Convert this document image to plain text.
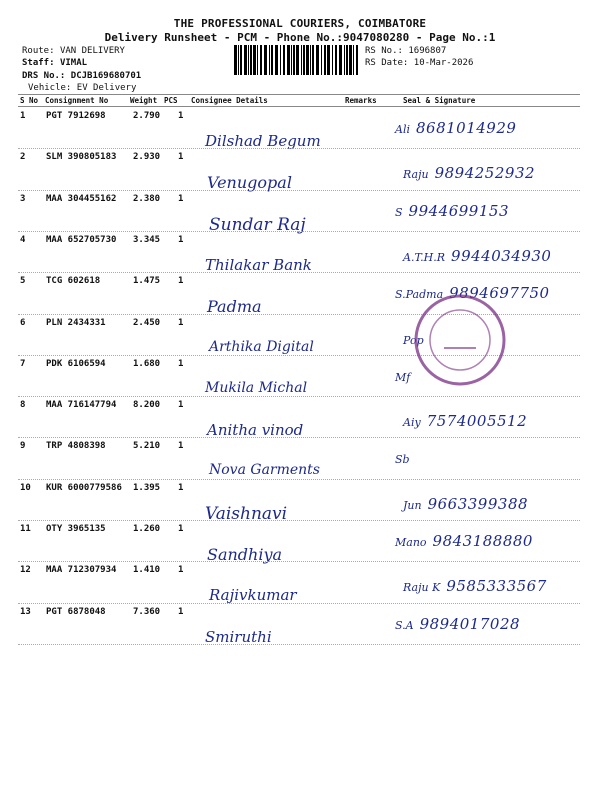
THE PROFESSIONAL COURIERS, COIMBATORE
Delivery Runsheet - PCM - Phone No.:9047080280 - Page No.:1
Route: VAN DELIVERY
Staff: VIMAL
DRS No.: DCJB169680701
Vehicle: EV Delivery
RS No.: 1696807
RS Date: 10-Mar-2026
S No Consignment No	Weight PCS Consignee Details	Remarks	Seal & Signature
1 PGT 7912698	2.790 1
Dilshad Begum
Ali 8681014929
2 SLM 390805183 2.930 1
Venugopal	Raju 9894252932
3 MAA 304455162 2.380 1
Sundar Raj
S 9944699153
4 MAA 652705730 3.345 1
Thilakar Bank	A.T.H.R 9944034930
5 TCG 602618	1.475 1
Padma
S.Padma 9894697750
6 PLN 2434331	2.450 1
Arthika Digital	Pop
7 PDK 6106594	1.680 1
Mukila Michal
Mf
8 MAA 716147794 8.200 1
Anitha vinod	Aiy 7574005512
9 TRP 4808398	5.210 1
Nova Garments
Sb
10 KUR 6000779586 1.395 1
Vaishnavi	Jun 9663399388
11 OTY 3965135	1.260 1
Sandhiya
Mano 9843188880
12 MAA 712307934 1.410 1
Rajivkumar	Raju K 9585333567
13 PGT 6878048	7.360 1
Smiruthi
S.A 9894017028
